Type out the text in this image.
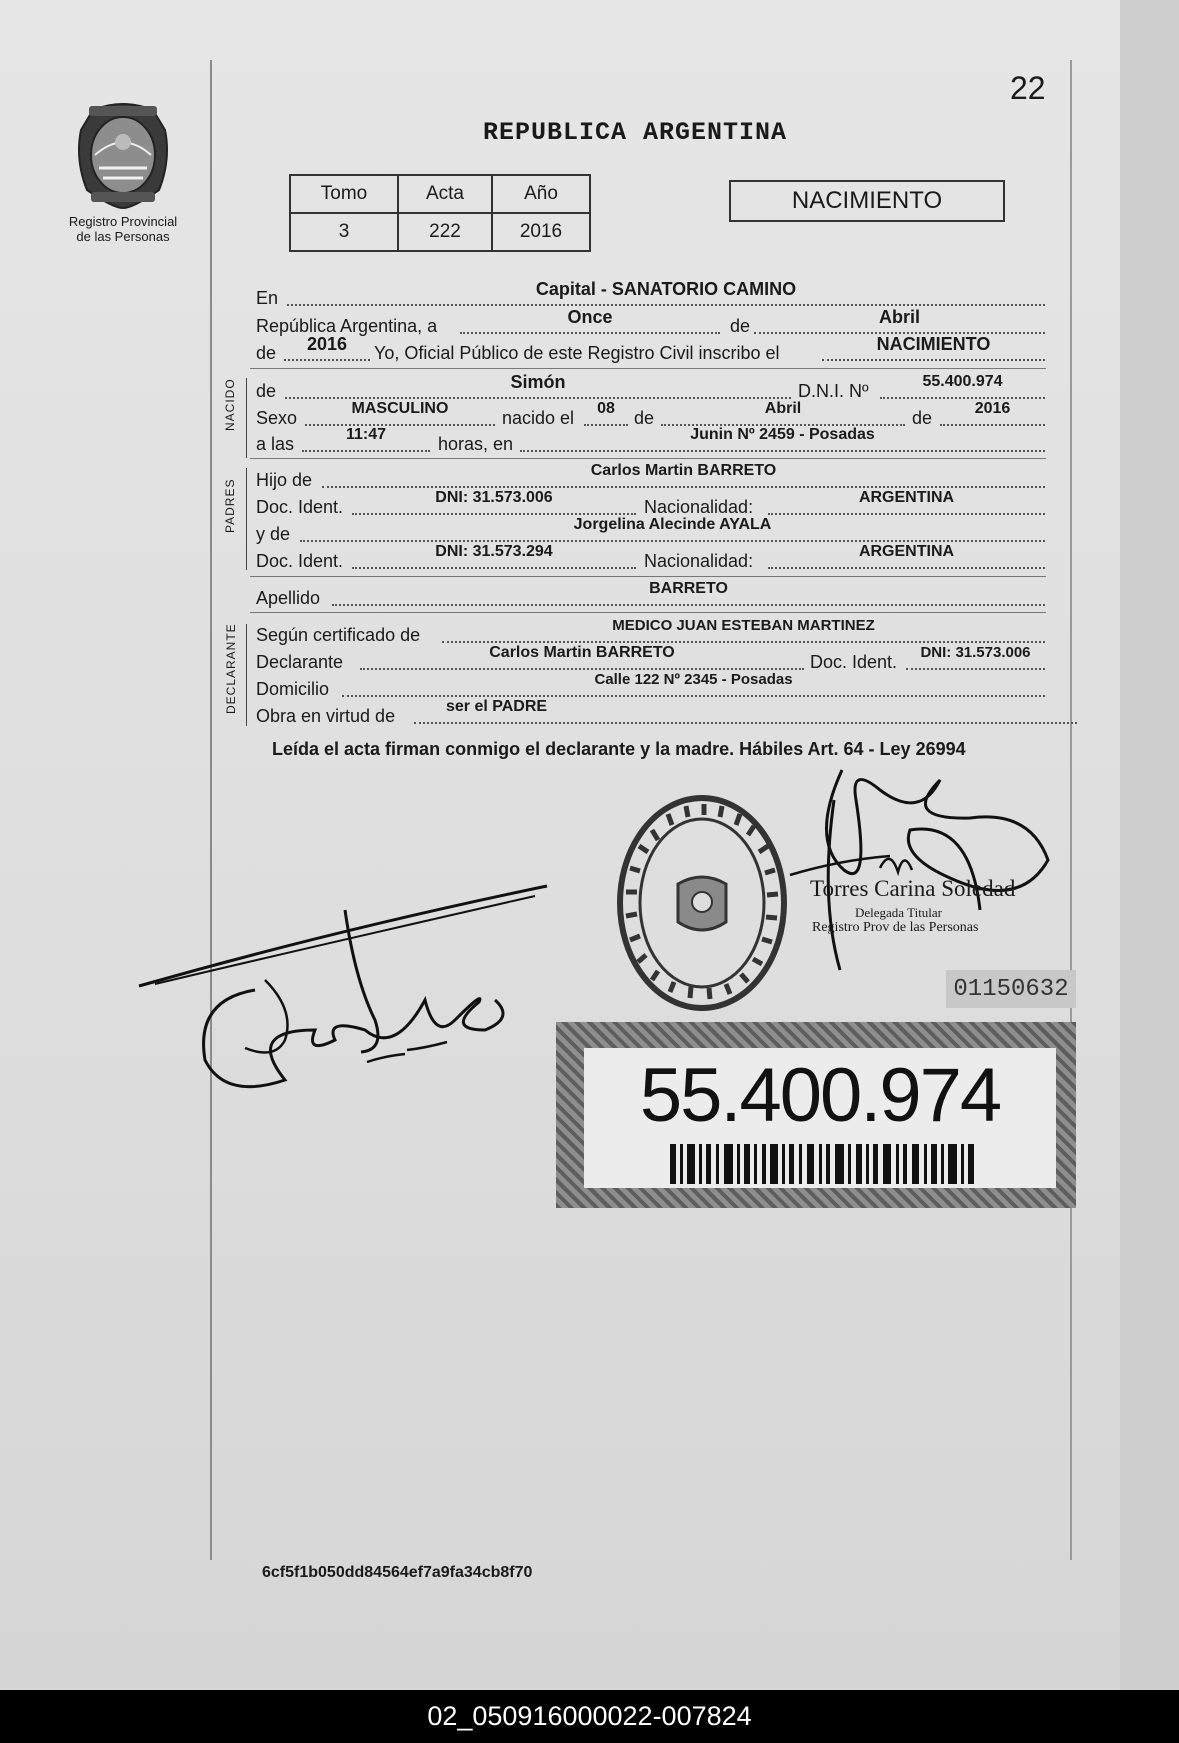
22
REPUBLICA ARGENTINA
Registro Provincial
de las Personas
Tomo	Acta	Año
3	222	2016
NACIMIENTO
En	Capital - SANATORIO CAMINO
República Argentina, a	Once	de	Abril
de	2016	Yo, Oficial Público de este Registro Civil inscribo el	NACIMIENTO
NACIDO de	Simón	D.N.I. Nº	55.400.974
Sexo	MASCULINO	nacido el	08	de	Abril	de	2016
a las	11:47	horas, en	Junin Nº 2459 - Posadas
PADRES Hijo de	Carlos Martin BARRETO
Doc. Ident.	DNI: 31.573.006	Nacionalidad:	ARGENTINA
y de	Jorgelina Alecinde AYALA
Doc. Ident.	DNI: 31.573.294	Nacionalidad:	ARGENTINA
Apellido	BARRETO
DECLARANTE Según certificado de	MEDICO JUAN ESTEBAN MARTINEZ
Declarante	Carlos Martin BARRETO	Doc. Ident.	DNI: 31.573.006
Domicilio	Calle 122 Nº 2345 - Posadas
Obra en virtud de	ser el PADRE
Leída el acta firman conmigo el declarante y la madre. Hábiles Art. 64 - Ley 26994
Torres Carina Soledad
Delegada Titular
Registro Prov de las Personas
01150632
55.400.974
6cf5f1b050dd84564ef7a9fa34cb8f70
02_050916000022-007824
